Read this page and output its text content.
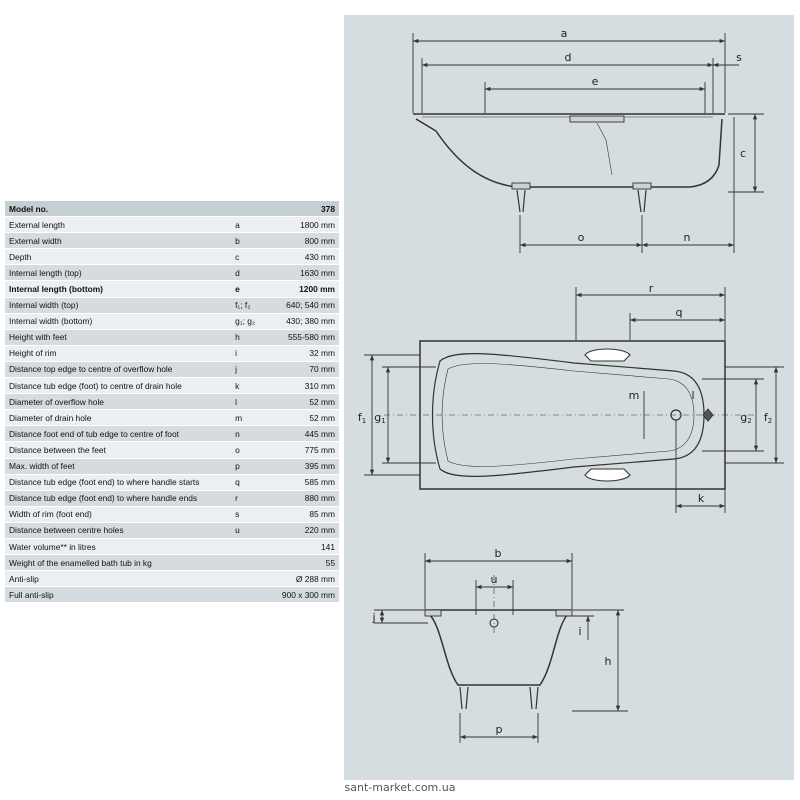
Model no.		378
External length	a	1800 mm
External width	b	800 mm
Depth	c	430 mm
Internal length (top)	d	1630 mm
Internal length (bottom)	e	1200 mm
Internal width (top)	f₁; f₂	640; 540 mm
Internal width (bottom)	g₁; g₂	430; 380 mm
Height with feet	h	555-580 mm
Height of rim	i	32 mm
Distance top edge to centre of overflow hole	j	70 mm
Distance tub edge (foot) to centre of drain hole	k	310 mm
Diameter of overflow hole	l	52 mm
Diameter of drain hole	m	52 mm
Distance foot end of tub edge to centre of foot	n	445 mm
Distance between the feet	o	775 mm
Max. width of feet	p	395 mm
Distance tub edge (foot end) to where handle starts	q	585 mm
Distance tub edge (foot end) to where handle ends	r	880 mm
Width of rim (foot end)	s	85 mm
Distance between centre holes	u	220 mm
Water volume** in litres		141
Weight of the enamelled bath tub in kg		55
Anti-slip		Ø 288 mm
Full anti-slip		900 x 300 mm
a
d	s
e
c
o	n
r
q
m	l
f1 g1	g2 f2
k
b
u
j
i
h
p
sant-market.com.ua
